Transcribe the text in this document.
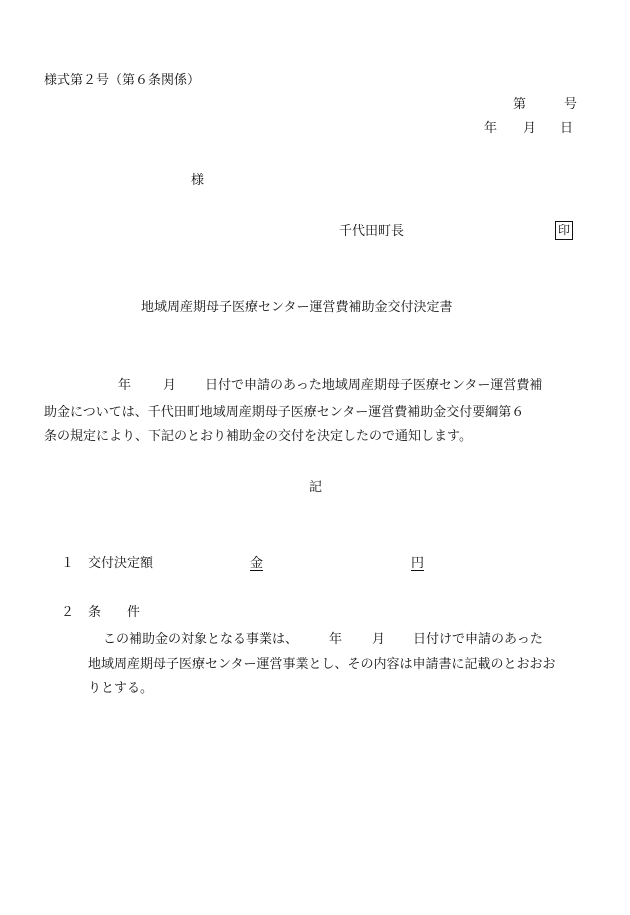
様式第２号（第６条関係）
第	号
年 月 日
様
千代田町長	印
地域周産期母子医療センター運営費補助金交付決定書
年 月 日付で申請のあった地域周産期母子医療センター運営費補
助金については、千代田町地域周産期母子医療センター運営費補助金交付要綱第６
条の規定により、下記のとおり補助金の交付を決定したので通知します。
記
１ 交付決定額	金	円
２ 条 件
この補助金の対象となる事業は、 年 月 日付けで申請のあった
地域周産期母子医療センター運営事業とし、その内容は申請書に記載のとおおお
りとする。
